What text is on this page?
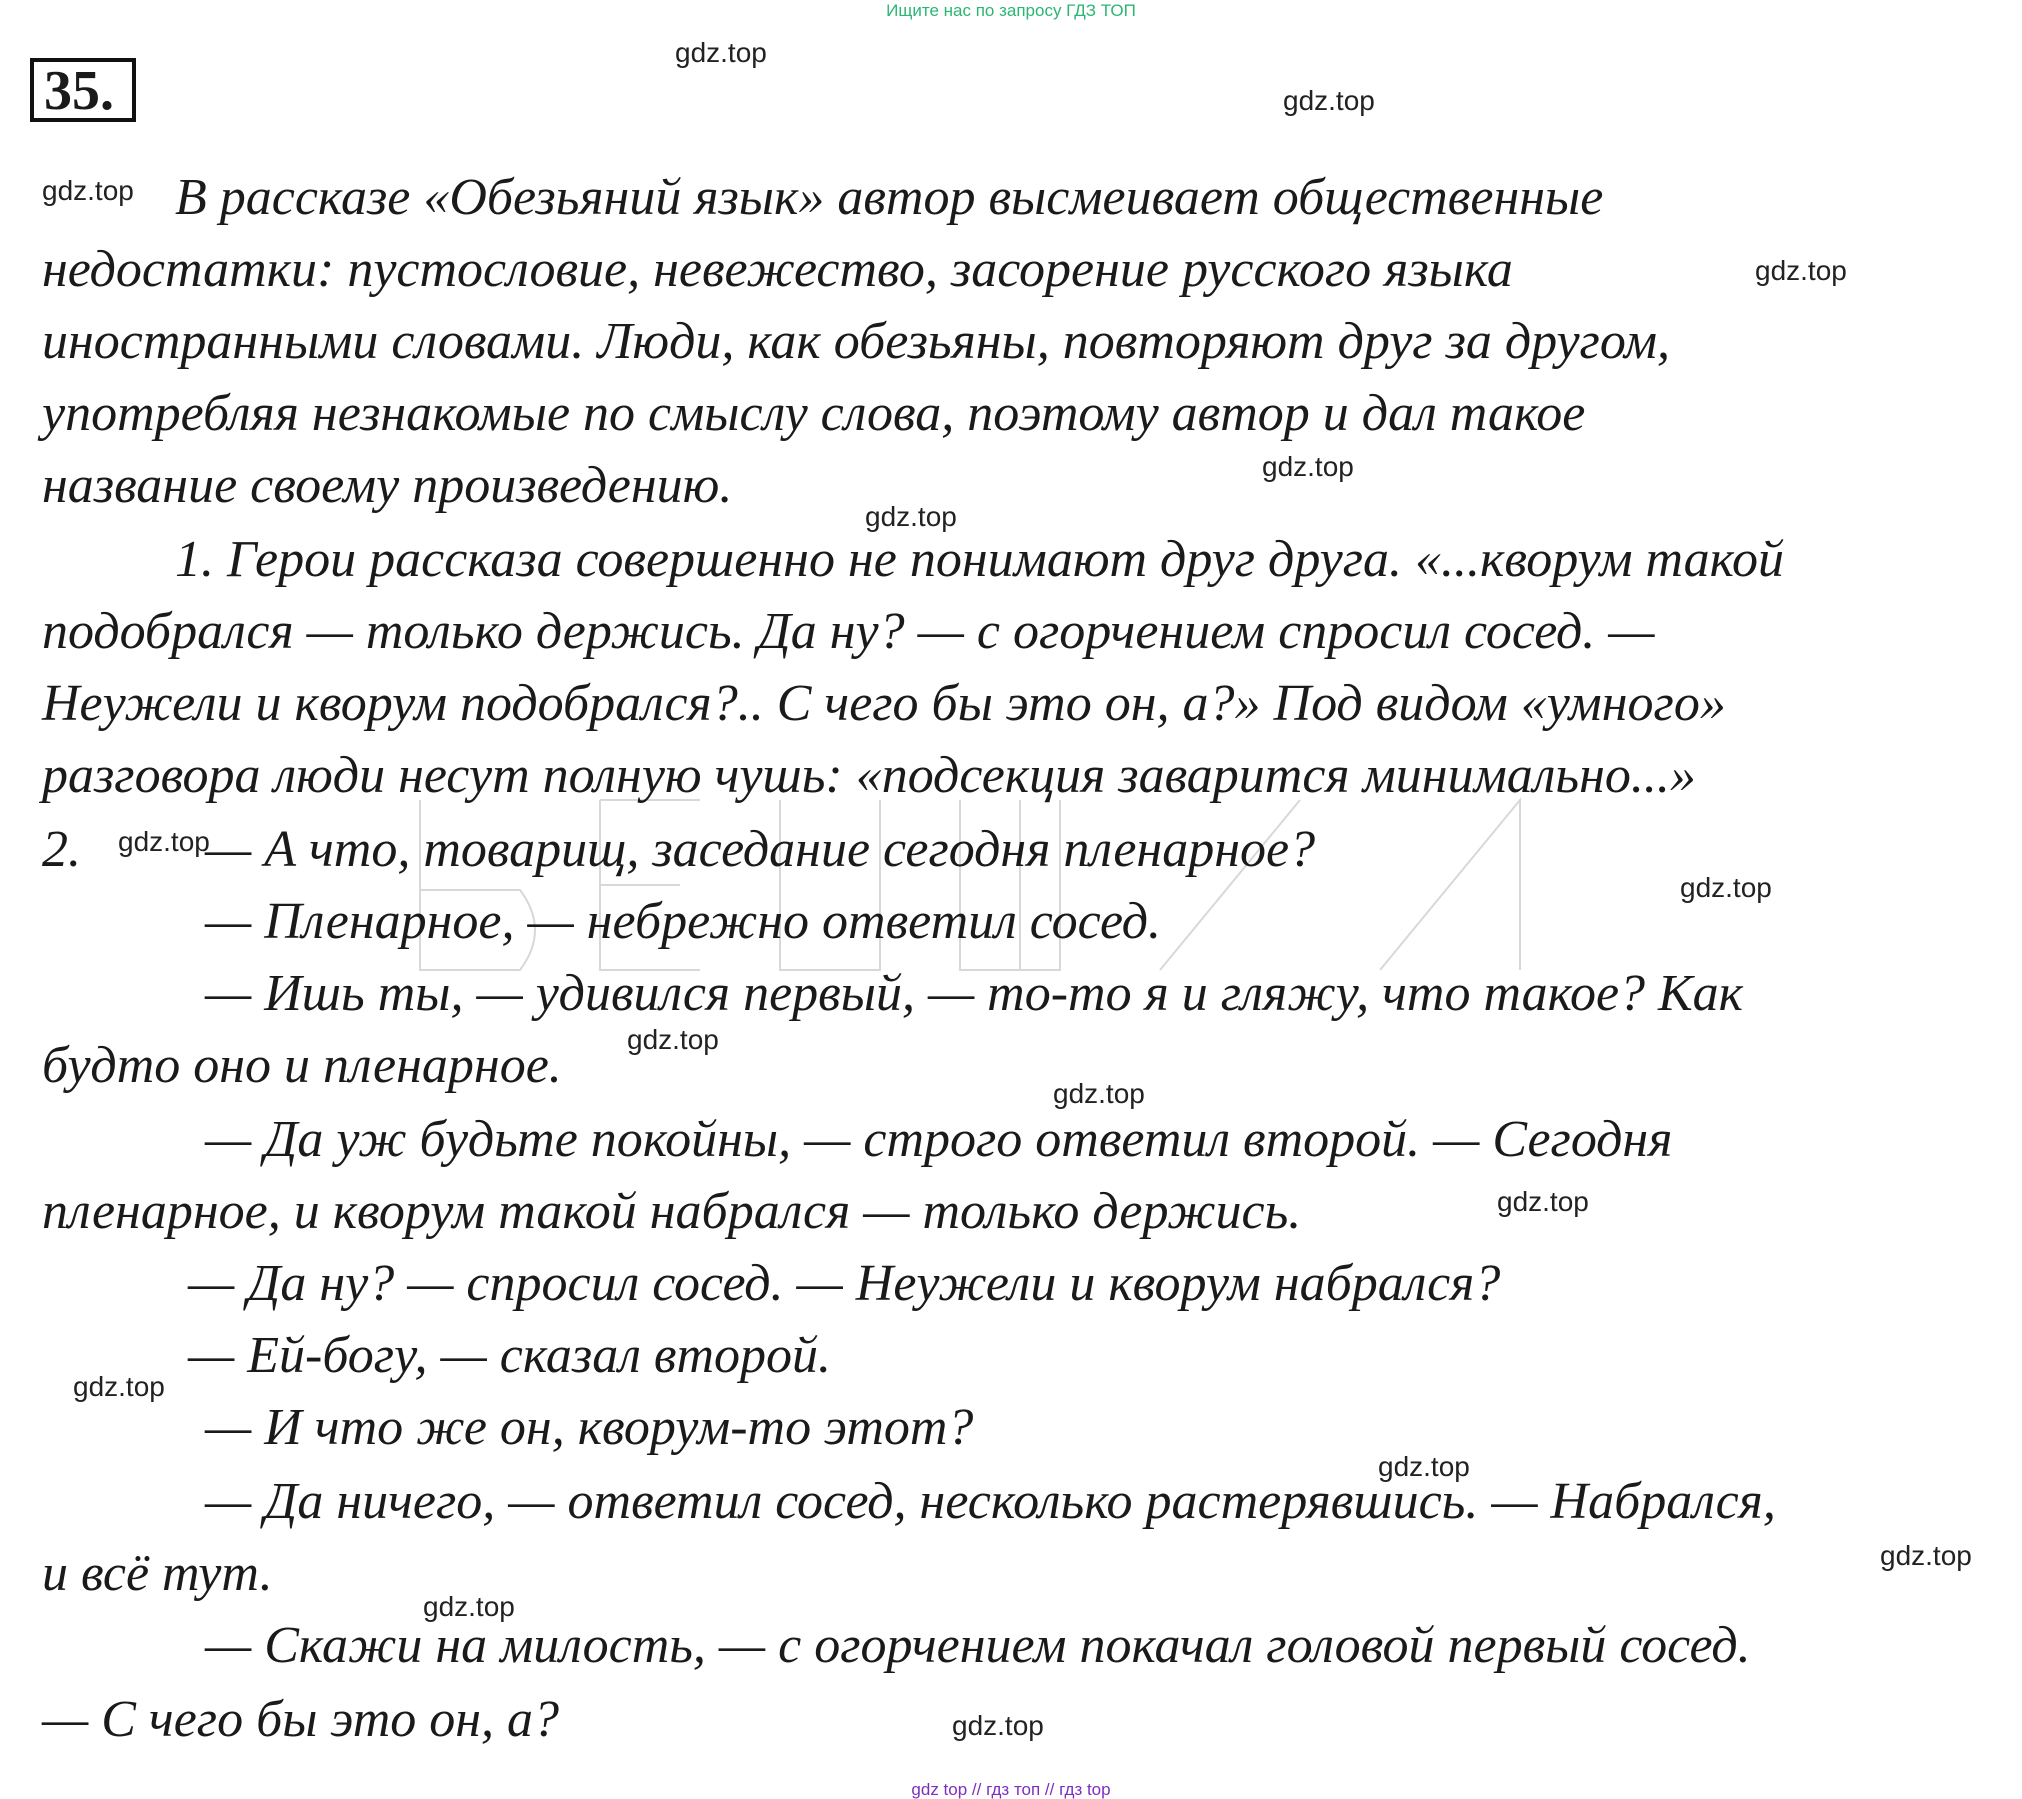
Ищите нас по запросу ГДЗ ТОП
35.
В рассказе «Обезьяний язык» автор высмеивает общественные
недостатки: пустословие, невежество, засорение русского языка
иностранными словами. Люди, как обезьяны, повторяют друг за другом,
употребляя незнакомые по смыслу слова, поэтому автор и дал такое
название своему произведению.
1. Герои рассказа совершенно не понимают друг друга. «...кворум такой
подобрался — только держись. Да ну? — с огорчением спросил сосед. —
Неужели и кворум подобрался?.. С чего бы это он, а?» Под видом «умного»
разговора люди несут полную чушь: «подсекция заварится минимально...»
2. — А что, товарищ, заседание сегодня пленарное?
— Пленарное, — небрежно ответил сосед.
— Ишь ты, — удивился первый, — то-то я и гляжу, что такое? Как
будто оно и пленарное.
— Да уж будьте покойны, — строго ответил второй. — Сегодня
пленарное, и кворум такой набрался — только держись.
— Да ну? — спросил сосед. — Неужели и кворум набрался?
— Ей-богу, — сказал второй.
— И что же он, кворум-то этот?
— Да ничего, — ответил сосед, несколько растерявшись. — Набрался,
и всё тут.
— Скажи на милость, — с огорчением покачал головой первый сосед.
— С чего бы это он, а?
gdz.top
gdz.top
gdz.top
gdz.top
gdz.top
gdz.top
gdz.top
gdz.top
gdz.top
gdz.top
gdz.top
gdz.top
gdz.top
gdz.top
gdz.top
gdz.top
gdz top // гдз топ // гдз top
